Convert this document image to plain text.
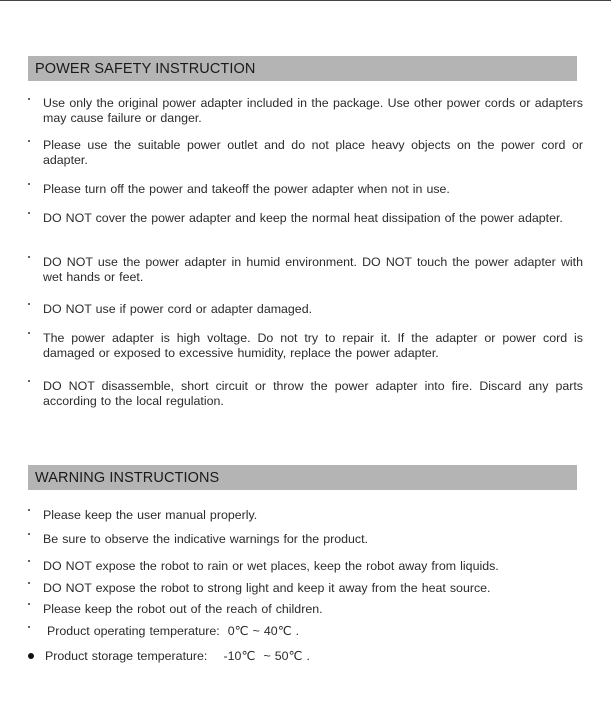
POWER SAFETY INSTRUCTION
Use only the original power adapter included in the package. Use other power cords or adapters may cause failure or danger.
Please use the suitable power outlet and do not place heavy objects on the power cord or adapter.
Please turn off the power and takeoff the power adapter when not in use.
DO NOT cover the power adapter and keep the normal heat dissipation of the power adapter.
DO NOT use the power adapter in humid environment. DO NOT touch the power adapter with wet hands or feet.
DO NOT use if power cord or adapter damaged.
The power adapter is high voltage. Do not try to repair it. If the adapter or power cord is damaged or exposed to excessive humidity, replace the power adapter.
DO NOT disassemble, short circuit or throw the power adapter into fire. Discard any parts according to the local regulation.
WARNING INSTRUCTIONS
Please keep the user manual properly.
Be sure to observe the indicative warnings for the product.
DO NOT expose the robot to rain or wet places, keep the robot away from liquids.
DO NOT expose the robot to strong light and keep it away from the heat source.
Please keep the robot out of the reach of children.
Product operating temperature:  0℃ ~ 40℃ .
Product storage temperature:    -10℃  ~ 50℃ .
